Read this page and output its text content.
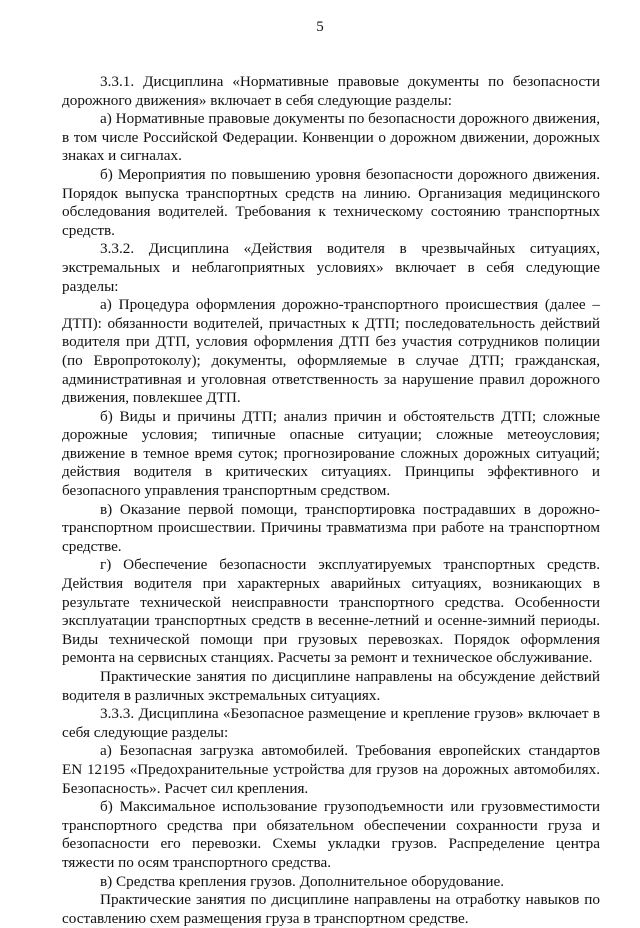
5

3.3.1. Дисциплина «Нормативные правовые документы по безопасности дорожного движения» включает в себя следующие разделы:

а) Нормативные правовые документы по безопасности дорожного движения, в том числе Российской Федерации. Конвенции о дорожном движении, дорожных знаках и сигналах.

б) Мероприятия по повышению уровня безопасности дорожного движения. Порядок выпуска транспортных средств на линию. Организация медицинского обследования водителей. Требования к техническому состоянию транспортных средств.

3.3.2. Дисциплина «Действия водителя в чрезвычайных ситуациях, экстремальных и неблагоприятных условиях» включает в себя следующие разделы:

а) Процедура оформления дорожно-транспортного происшествия (далее – ДТП): обязанности водителей, причастных к ДТП; последовательность действий водителя при ДТП, условия оформления ДТП без участия сотрудников полиции (по Европротоколу); документы, оформляемые в случае ДТП; гражданская, административная и уголовная ответственность за нарушение правил дорожного движения, повлекшее ДТП.

б) Виды и причины ДТП; анализ причин и обстоятельств ДТП; сложные дорожные условия; типичные опасные ситуации; сложные метеоусловия; движение в темное время суток; прогнозирование сложных дорожных ситуаций; действия водителя в критических ситуациях. Принципы эффективного и безопасного управления транспортным средством.

в) Оказание первой помощи, транспортировка пострадавших в дорожно-транспортном происшествии. Причины травматизма при работе на транспортном средстве.

г) Обеспечение безопасности эксплуатируемых транспортных средств. Действия водителя при характерных аварийных ситуациях, возникающих в результате технической неисправности транспортного средства. Особенности эксплуатации транспортных средств в весенне-летний и осенне-зимний периоды. Виды технической помощи при грузовых перевозках. Порядок оформления ремонта на сервисных станциях. Расчеты за ремонт и техническое обслуживание.

Практические занятия по дисциплине направлены на обсуждение действий водителя в различных экстремальных ситуациях.

3.3.3. Дисциплина «Безопасное размещение и крепление грузов» включает в себя следующие разделы:

а) Безопасная загрузка автомобилей. Требования европейских стандартов EN 12195 «Предохранительные устройства для грузов на дорожных автомобилях. Безопасность». Расчет сил крепления.

б) Максимальное использование грузоподъемности или грузовместимости транспортного средства при обязательном обеспечении сохранности груза и безопасности его перевозки. Схемы укладки грузов. Распределение центра тяжести по осям транспортного средства.

в) Средства крепления грузов. Дополнительное оборудование.

Практические занятия по дисциплине направлены на отработку навыков по составлению схем размещения груза в транспортном средстве.
